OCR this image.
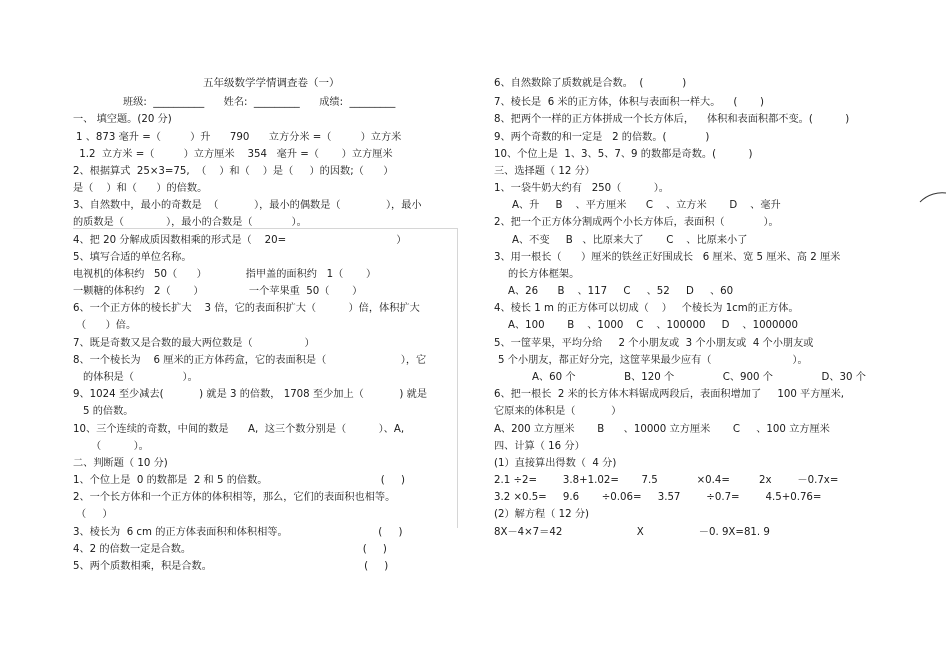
五年级数学学情调查卷（一）
班级:  __________      姓名:  _________      成绩:  _________
一、 填空题。(20 分)
1 、873 毫升 =（         ）升      790      立方分米 =（         ）立方米
1.2  立方米 =（         ）立方厘米    354   毫升 =（       ）立方厘米
2、根据算式  25×3=75,  （    ）和（    ）是（     ）的因数;（      ）
是（    ）和（      ）的倍数。
3、自然数中，最小的奇数是  （           ），最小的偶数是（              ），最小
的质数是（             ），最小的合数是（            ）。
4、把 20 分解成质因数相乘的形式是（    20=                                  ）
5、填写合适的单位名称。
电视机的体积约   50（      ）            指甲盖的面积约   1（       ）
一颗糖的体积约   2（       ）              一个苹果重  50（       ）
6、一个正方体的棱长扩大    3 倍，它的表面积扩大（          ）倍，体积扩大
（      ）倍。
7、既是奇数又是合数的最大两位数是（                ）
8、一个棱长为    6 厘米的正方体药盒，它的表面积是（                       ），它
的体积是（               ）。
9、1024 至少减去(           ) 就是 3 的倍数， 1708 至少加上（           ) 就是
5 的倍数。
10、三个连续的奇数，中间的数是      A,  这三个数分别是（          ）、A,
（          ）。
二、判断题（ 10 分)
1、个位上是  0 的数都是  2 和 5 的倍数。                                   (     )
2、一个长方体和一个正方体的体积相等，那么，它们的表面积也相等。
（     ）
3、棱长为  6 cm 的正方体表面积和体积相等。                            (     )
4、2 的倍数一定是合数。                                                     (     )
5、两个质数相乘，积是合数。                                               (     )
6、自然数除了质数就是合数。  (            )
7、棱长是  6 米的正方体，体积与表面积一样大。    (       )
8、把两个一样的正方体拼成一个长方体后，    体积和表面积都不变。(          )
9、两个奇数的和一定是   2 的倍数。(            )
10、个位上是  1、3、5、7、9 的数都是奇数。(          )
三、选择题（ 12 分）
1、一袋牛奶大约有   250（          ）。
A、升     B    、平方厘米      C    、立方米       D    、毫升
2、把一个正方体分割成两个小长方体后，表面积（            ）。
A、不变     B   、比原来大了       C    、比原来小了
3、用一根长（      ）厘米的铁丝正好围成长   6 厘米、宽 5 厘米、高 2 厘米
的长方体框架。
A、26      B    、117     C     、52     D     、60
4、棱长 1 m 的正方体可以切成（    ）   个棱长为 1cm的正方体。
A、100       B    、1000    C    、100000     D    、1000000
5、一筐苹果，平均分给     2 个小朋友或  3 个小朋友或  4 个小朋友或
5 个小朋友，都正好分完，这筐苹果最少应有（                         ）。
A、60 个               B、120 个               C、900 个               D、30 个
6、把一根长  2 米的长方体木料锯成两段后，表面积增加了     100 平方厘米,
它原来的体积是（           ）
A、200 立方厘米       B      、10000 立方厘米       C     、100 立方厘米
四、计算（ 16 分）
(1）直接算出得数（  4 分)
2.1 ÷2=        3.8+1.02=       7.5            ×0.4=         2x        －0.7x=
3.2 ×0.5=     9.6       ÷0.06=     3.57        ÷0.7=        4.5+0.76=
(2）解方程（ 12 分)
8X－4×7＝42                       X                 －0. 9X=81. 9
